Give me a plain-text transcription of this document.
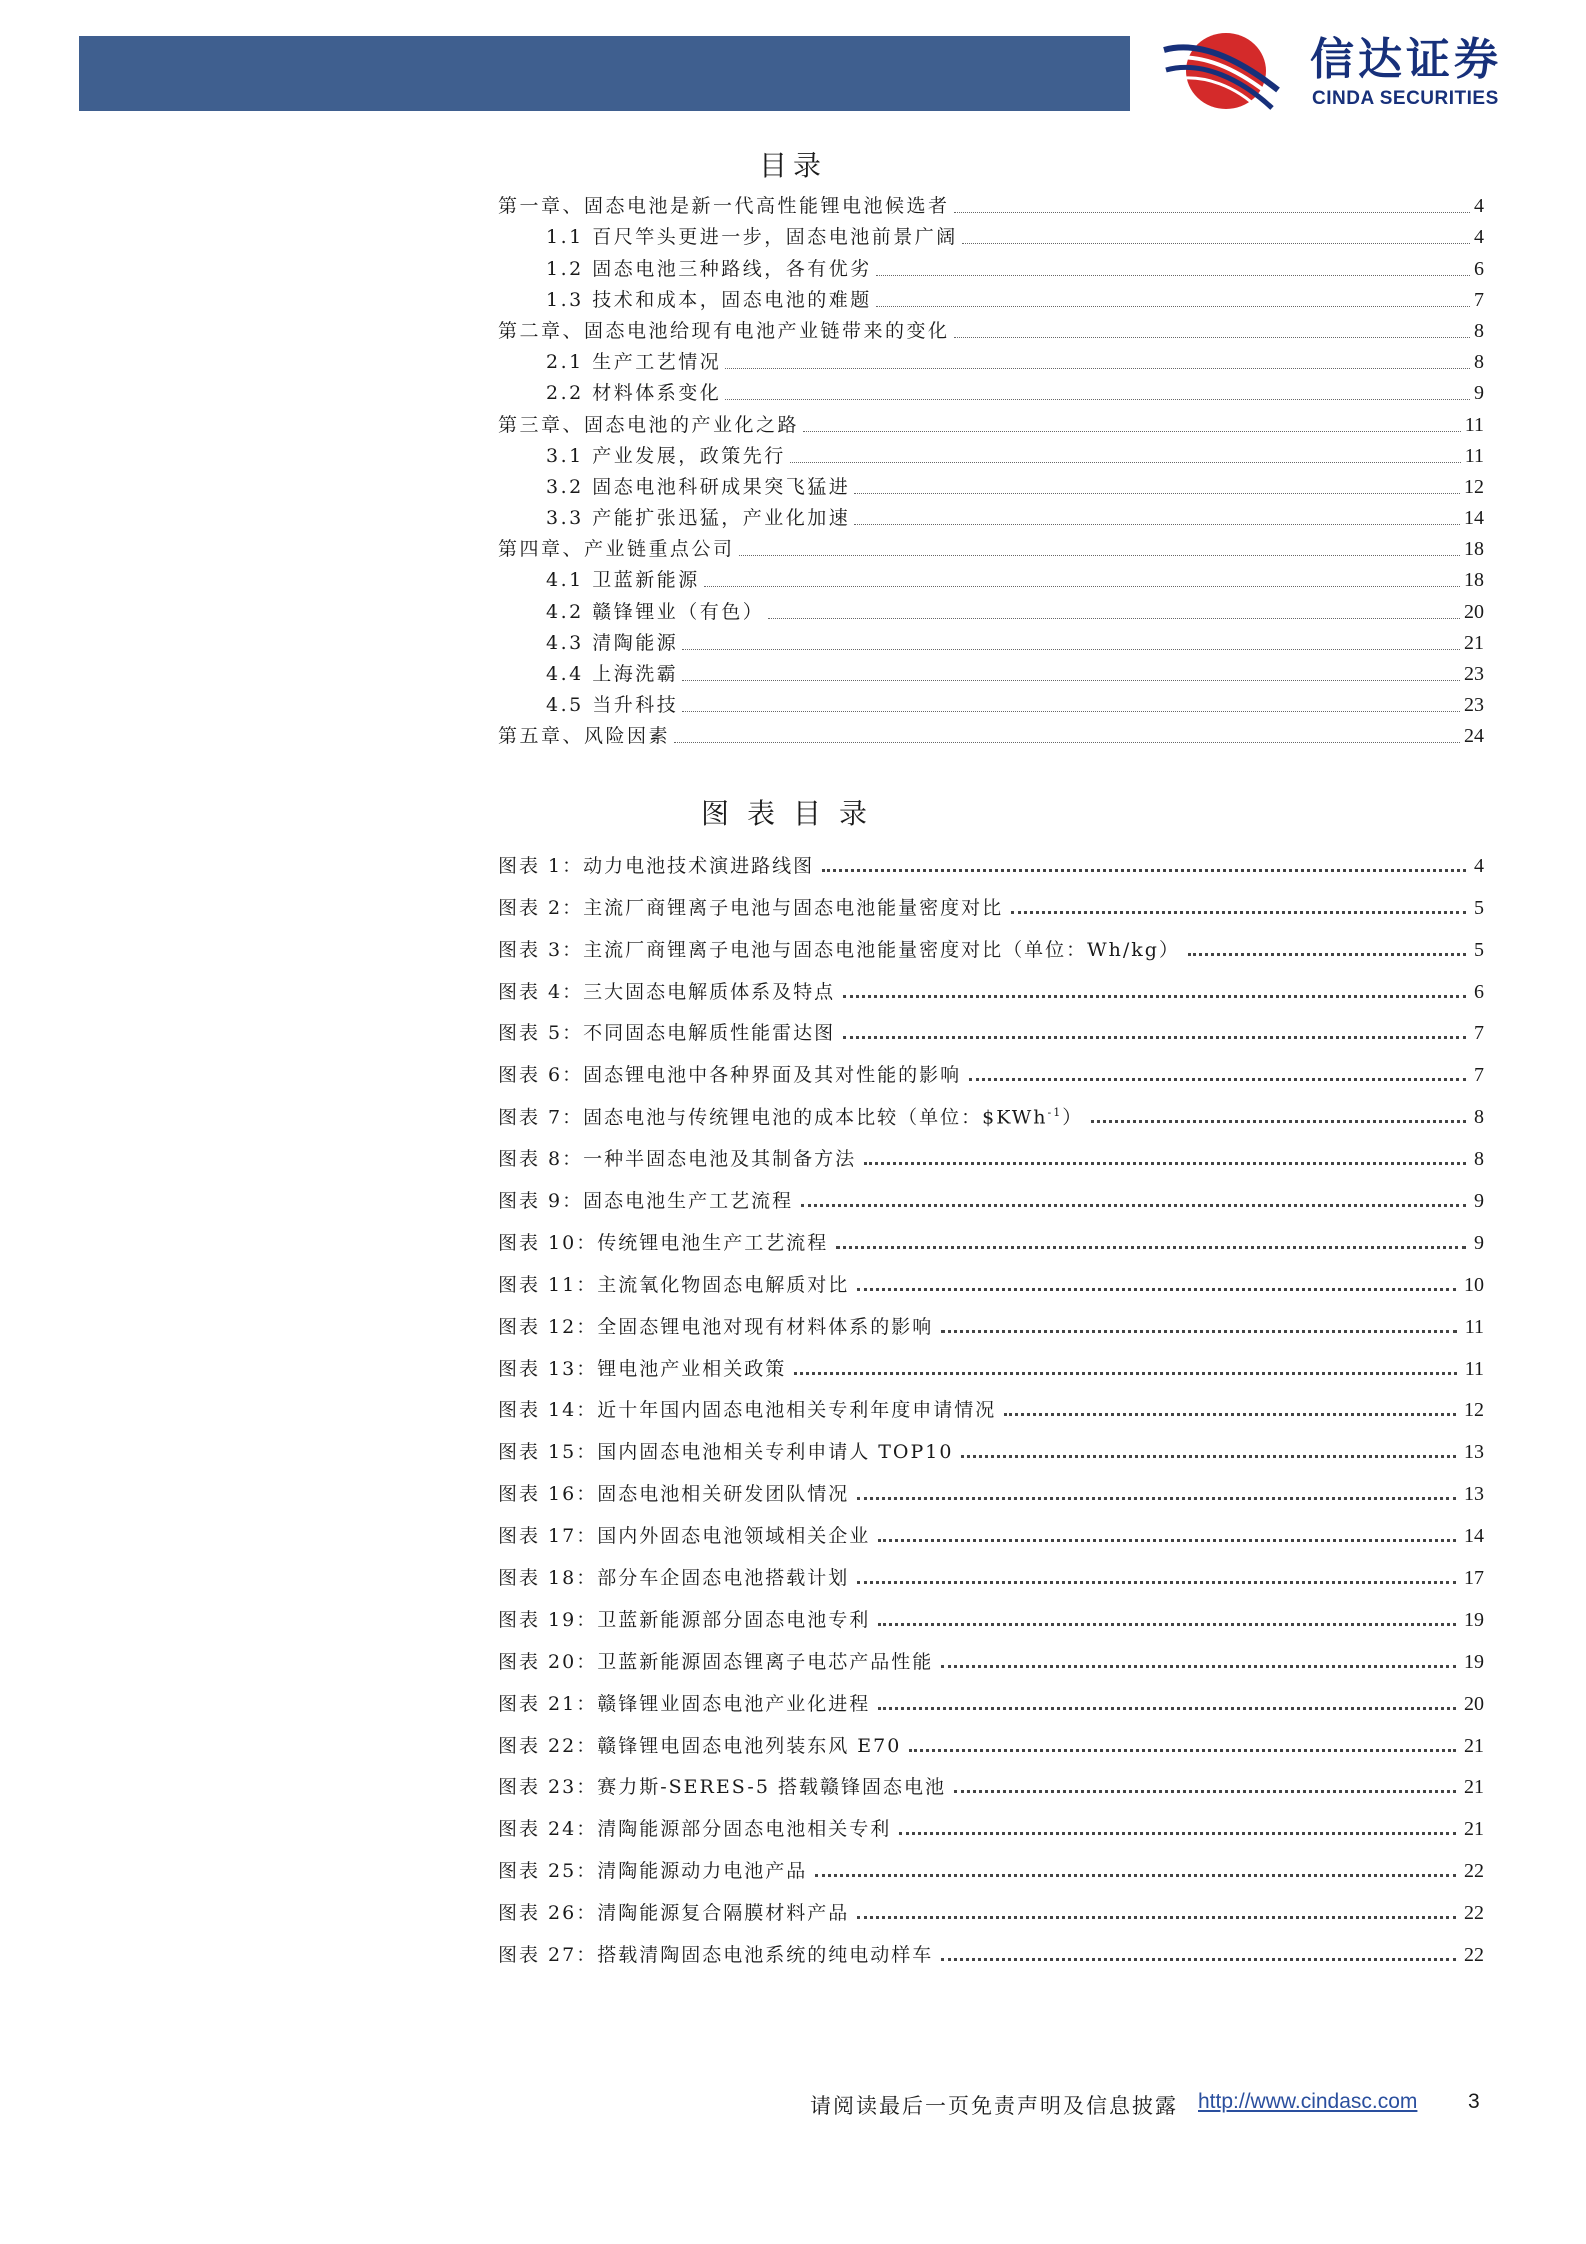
信达证券
CINDA SECURITIES
目录
第一章、固态电池是新一代高性能锂电池候选者	4
1.1 百尺竿头更进一步，固态电池前景广阔	4
1.2 固态电池三种路线，各有优劣	6
1.3 技术和成本，固态电池的难题	7
第二章、固态电池给现有电池产业链带来的变化	8
2.1 生产工艺情况	8
2.2 材料体系变化	9
第三章、固态电池的产业化之路	11
3.1 产业发展，政策先行	11
3.2 固态电池科研成果突飞猛进	12
3.3 产能扩张迅猛，产业化加速	14
第四章、产业链重点公司	18
4.1 卫蓝新能源	18
4.2 赣锋锂业（有色）	20
4.3 清陶能源	21
4.4 上海洗霸	23
4.5 当升科技	23
第五章、风险因素	24
图表目录
图表 1：动力电池技术演进路线图	4
图表 2：主流厂商锂离子电池与固态电池能量密度对比	5
图表 3：主流厂商锂离子电池与固态电池能量密度对比（单位：Wh/kg）	5
图表 4：三大固态电解质体系及特点	6
图表 5：不同固态电解质性能雷达图	7
图表 6：固态锂电池中各种界面及其对性能的影响	7
图表 7：固态电池与传统锂电池的成本比较（单位：$KWh$^{-1}$）	8
图表 8：一种半固态电池及其制备方法	8
图表 9：固态电池生产工艺流程	9
图表 10：传统锂电池生产工艺流程	9
图表 11：主流氧化物固态电解质对比	10
图表 12：全固态锂电池对现有材料体系的影响	11
图表 13：锂电池产业相关政策	11
图表 14：近十年国内固态电池相关专利年度申请情况	12
图表 15：国内固态电池相关专利申请人 TOP10	13
图表 16：固态电池相关研发团队情况	13
图表 17：国内外固态电池领域相关企业	14
图表 18：部分车企固态电池搭载计划	17
图表 19：卫蓝新能源部分固态电池专利	19
图表 20：卫蓝新能源固态锂离子电芯产品性能	19
图表 21：赣锋锂业固态电池产业化进程	20
图表 22：赣锋锂电固态电池列装东风 E70	21
图表 23：赛力斯-SERES-5 搭载赣锋固态电池	21
图表 24：清陶能源部分固态电池相关专利	21
图表 25：清陶能源动力电池产品	22
图表 26：清陶能源复合隔膜材料产品	22
图表 27：搭载清陶固态电池系统的纯电动样车	22
请阅读最后一页免责声明及信息披露 http://www.cindasc.com 3
